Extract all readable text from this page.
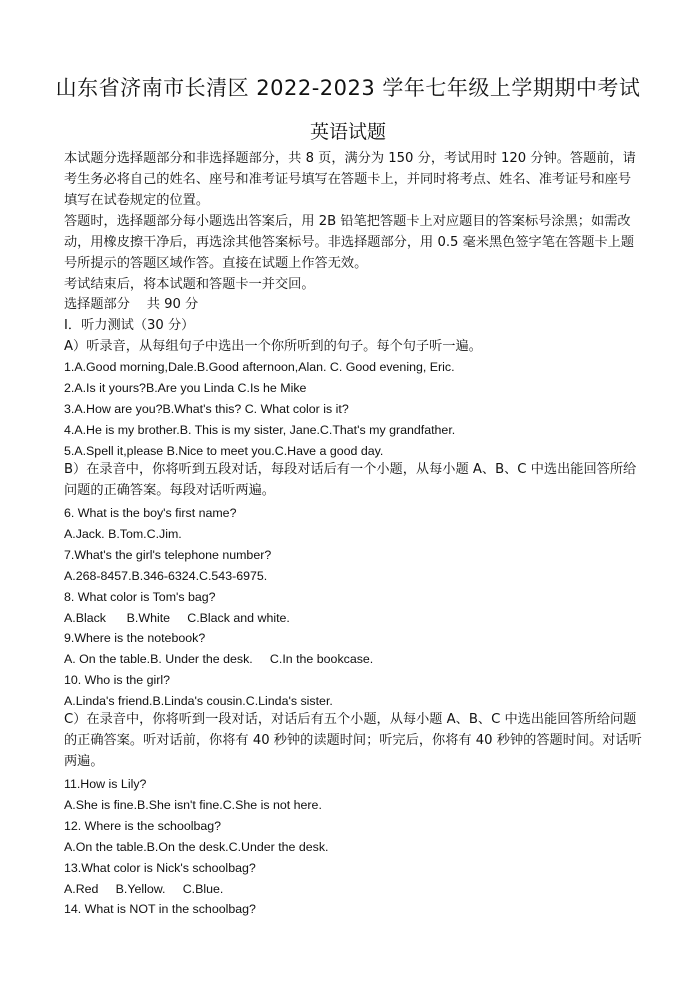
山东省济南市长清区 2022-2023 学年七年级上学期期中考试
英语试题

本试题分选择题部分和非选择题部分，共 8 页，满分为 150 分，考试用时 120 分钟。答题前，请考生务必将自己的姓名、座号和准考证号填写在答题卡上，并同时将考点、姓名、准考证号和座号填写在试卷规定的位置。

答题时，选择题部分每小题选出答案后，用 2B 铅笔把答题卡上对应题目的答案标号涂黑；如需改动，用橡皮擦干净后，再选涂其他答案标号。非选择题部分，用 0.5 毫米黑色签字笔在答题卡上题号所提示的答题区域作答。直接在试题上作答无效。

考试结束后，将本试题和答题卡一并交回。

选择题部分    共 90 分
Ⅰ．听力测试（30 分）
A）听录音，从每组句子中选出一个你所听到的句子。每个句子听一遍。
1.A.Good morning,Dale.B.Good afternoon,Alan. C. Good evening, Eric.
2.A.Is it yours?B.Are you Linda C.Is he Mike
3.A.How are you?B.What's this? C. What color is it?
4.A.He is my brother.B. This is my sister, Jane.C.That's my grandfather.
5.A.Spell it,please B.Nice to meet you.C.Have a good day.

B）在录音中，你将听到五段对话，每段对话后有一个小题，从每小题 A、B、C 中选出能回答所给问题的正确答案。每段对话听两遍。

6. What is the boy's first name?
A.Jack. B.Tom.C.Jim.
7.What's the girl's telephone number?
A.268-8457.B.346-6324.C.543-6975.
8. What color is Tom's bag?
A.Black      B.White     C.Black and white.
9.Where is the notebook?
A. On the table.B. Under the desk.     C.In the bookcase.
10. Who is the girl?
A.Linda's friend.B.Linda's cousin.C.Linda's sister.

C）在录音中，你将听到一段对话，对话后有五个小题，从每小题 A、B、C 中选出能回答所给问题的正确答案。听对话前，你将有 40 秒钟的读题时间；听完后，你将有 40 秒钟的答题时间。对话听两遍。

11.How is Lily?
A.She is fine.B.She isn't fine.C.She is not here.
12. Where is the schoolbag?
A.On the table.B.On the desk.C.Under the desk.
13.What color is Nick's schoolbag?
A.Red     B.Yellow.     C.Blue.
14. What is NOT in the schoolbag?
